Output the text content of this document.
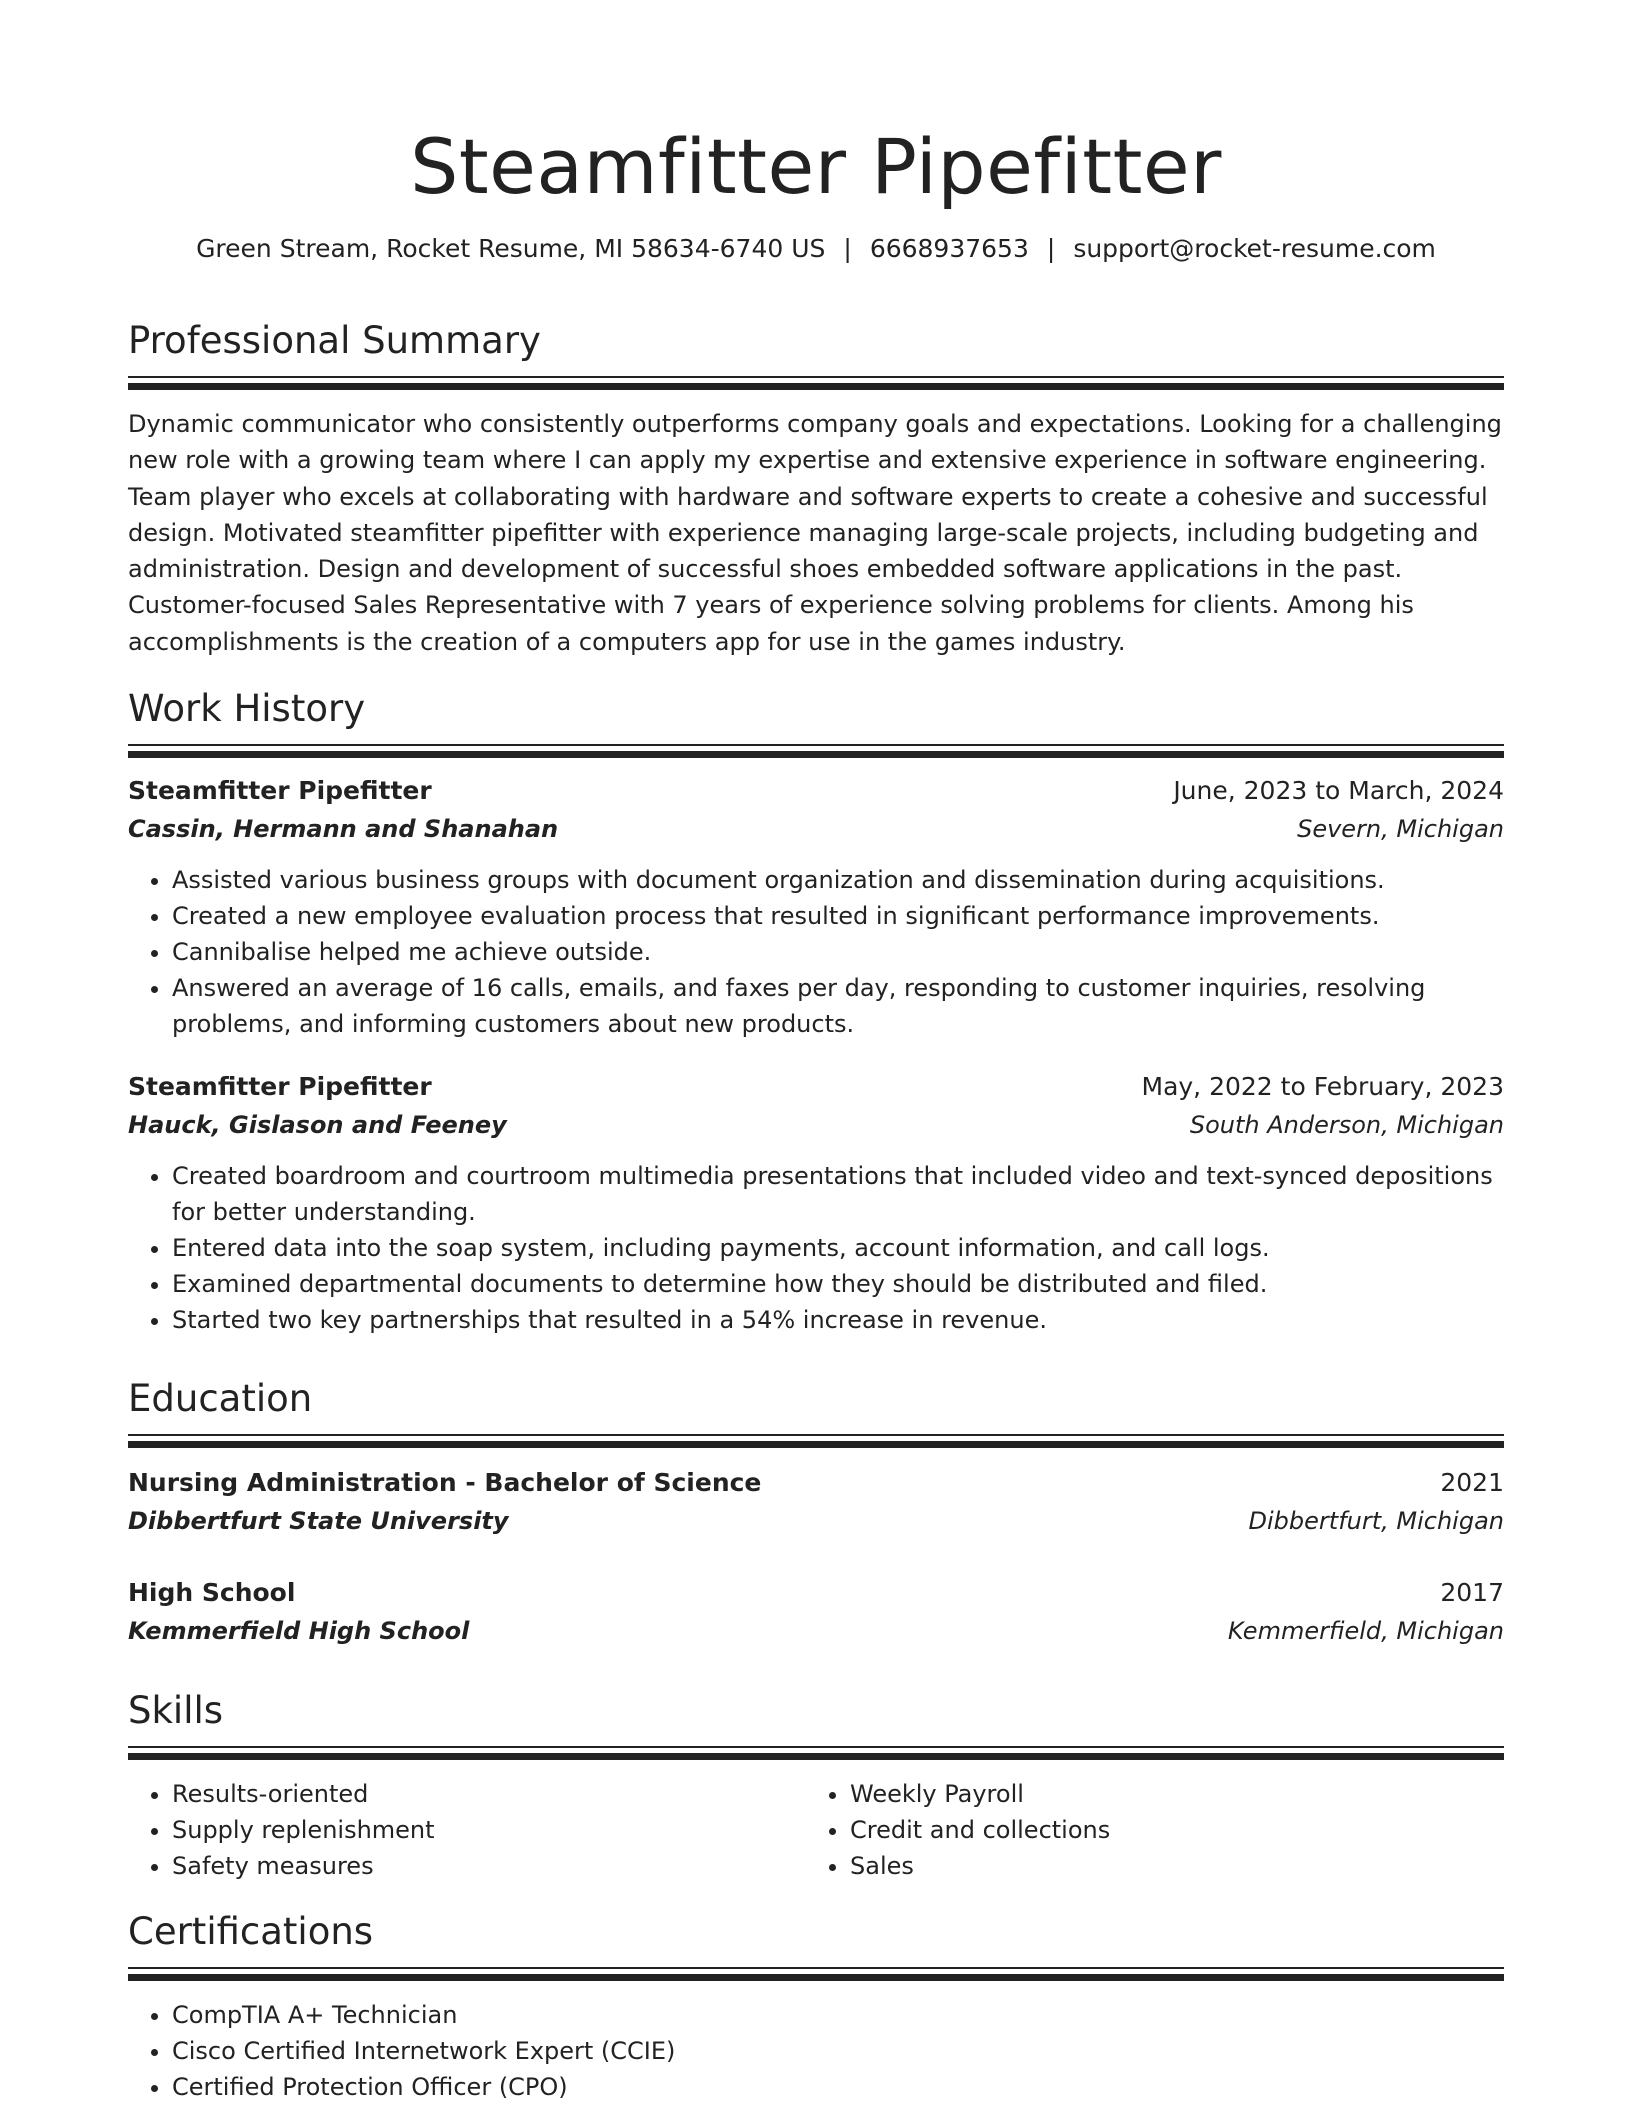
Steamfitter Pipefitter
Green Stream, Rocket Resume, MI 58634-6740 US | 6668937653 | support@rocket-resume.com
Professional Summary
Dynamic communicator who consistently outperforms company goals and expectations. Looking for a challenging new role with a growing team where I can apply my expertise and extensive experience in software engineering. Team player who excels at collaborating with hardware and software experts to create a cohesive and successful design. Motivated steamfitter pipefitter with experience managing large-scale projects, including budgeting and administration. Design and development of successful shoes embedded software applications in the past. Customer-focused Sales Representative with 7 years of experience solving problems for clients. Among his accomplishments is the creation of a computers app for use in the games industry.
Work History
Steamfitter Pipefitter	June, 2023 to March, 2024
Cassin, Hermann and Shanahan	Severn, Michigan
• Assisted various business groups with document organization and dissemination during acquisitions.
• Created a new employee evaluation process that resulted in significant performance improvements.
• Cannibalise helped me achieve outside.
• Answered an average of 16 calls, emails, and faxes per day, responding to customer inquiries, resolving problems, and informing customers about new products.
Steamfitter Pipefitter	May, 2022 to February, 2023
Hauck, Gislason and Feeney	South Anderson, Michigan
• Created boardroom and courtroom multimedia presentations that included video and text-synced depositions for better understanding.
• Entered data into the soap system, including payments, account information, and call logs.
• Examined departmental documents to determine how they should be distributed and filed.
• Started two key partnerships that resulted in a 54% increase in revenue.
Education
Nursing Administration - Bachelor of Science	2021
Dibbertfurt State University	Dibbertfurt, Michigan
High School	2017
Kemmerfield High School	Kemmerfield, Michigan
Skills
• Results-oriented
• Supply replenishment
• Safety measures
• Weekly Payroll
• Credit and collections
• Sales
Certifications
• CompTIA A+ Technician
• Cisco Certified Internetwork Expert (CCIE)
• Certified Protection Officer (CPO)
